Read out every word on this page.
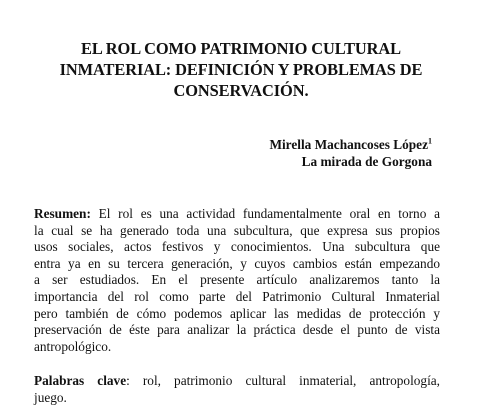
EL ROL COMO PATRIMONIO CULTURAL
INMATERIAL: DEFINICIÓN Y PROBLEMAS DE
CONSERVACIÓN.
Mirella Machancoses López$^1$
La mirada de Gorgona

Resumen: El rol es una actividad fundamentalmente oral en torno a
la cual se ha generado toda una subcultura, que expresa sus propios
usos sociales, actos festivos y conocimientos. Una subcultura que
entra ya en su tercera generación, y cuyos cambios están empezando
a ser estudiados. En el presente artículo analizaremos tanto la
importancia del rol como parte del Patrimonio Cultural Inmaterial
pero también de cómo podemos aplicar las medidas de protección y
preservación de éste para analizar la práctica desde el punto de vista
antropológico.

Palabras clave: rol, patrimonio cultural inmaterial, antropología,
juego.
